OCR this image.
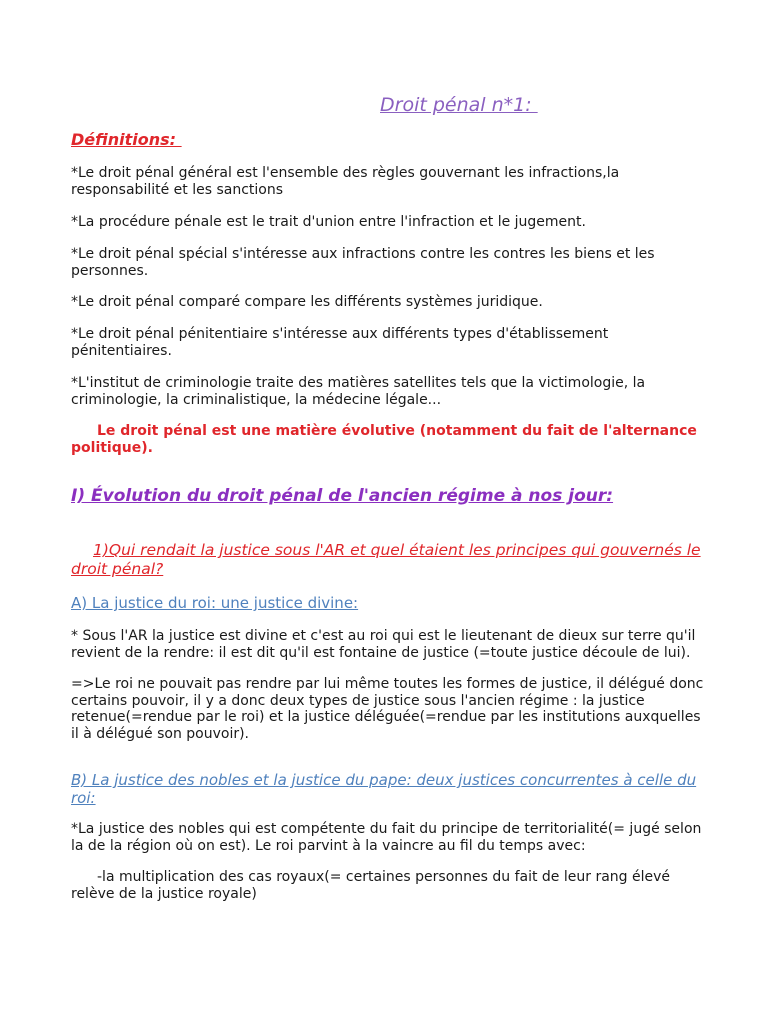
Droit pénal n*1:
Définitions:
*Le droit pénal général est l'ensemble des règles gouvernant les infractions,la responsabilité et les sanctions
*La procédure pénale est le trait d'union entre l'infraction et le jugement.
*Le droit pénal spécial s'intéresse aux infractions contre les contres les biens et les personnes.
*Le droit pénal comparé compare les différents systèmes juridique.
*Le droit pénal pénitentiaire s'intéresse aux différents types d'établissement pénitentiaires.
*L'institut de criminologie traite des matières satellites tels que la victimologie, la criminologie, la criminalistique, la médecine légale...
Le droit pénal est une matière évolutive (notamment du fait de l'alternance politique).
I) Évolution du droit pénal de l'ancien régime à nos jour:
1)Qui rendait la justice sous l'AR et quel étaient les principes qui gouvernés le droit pénal?
A) La justice du roi: une justice divine:
* Sous l'AR la justice est divine et c'est au roi qui est le lieutenant de dieux sur terre qu'il revient de la rendre: il est dit qu'il est fontaine de justice (=toute justice découle de lui).
=>Le roi ne pouvait pas rendre par lui même toutes les formes de justice, il délégué donc certains pouvoir, il y a donc deux types de justice sous l'ancien régime : la justice retenue(=rendue par le roi) et la justice déléguée(=rendue par les institutions auxquelles il à délégué son pouvoir).
B) La justice des nobles et la justice du pape: deux justices concurrentes à celle du roi:
*La justice des nobles qui est compétente du fait du principe de territorialité(= jugé selon la de la région où on est). Le roi parvint à la vaincre au fil du temps avec:
-la multiplication des cas royaux(= certaines personnes du fait de leur rang élevé relève de la justice royale)
